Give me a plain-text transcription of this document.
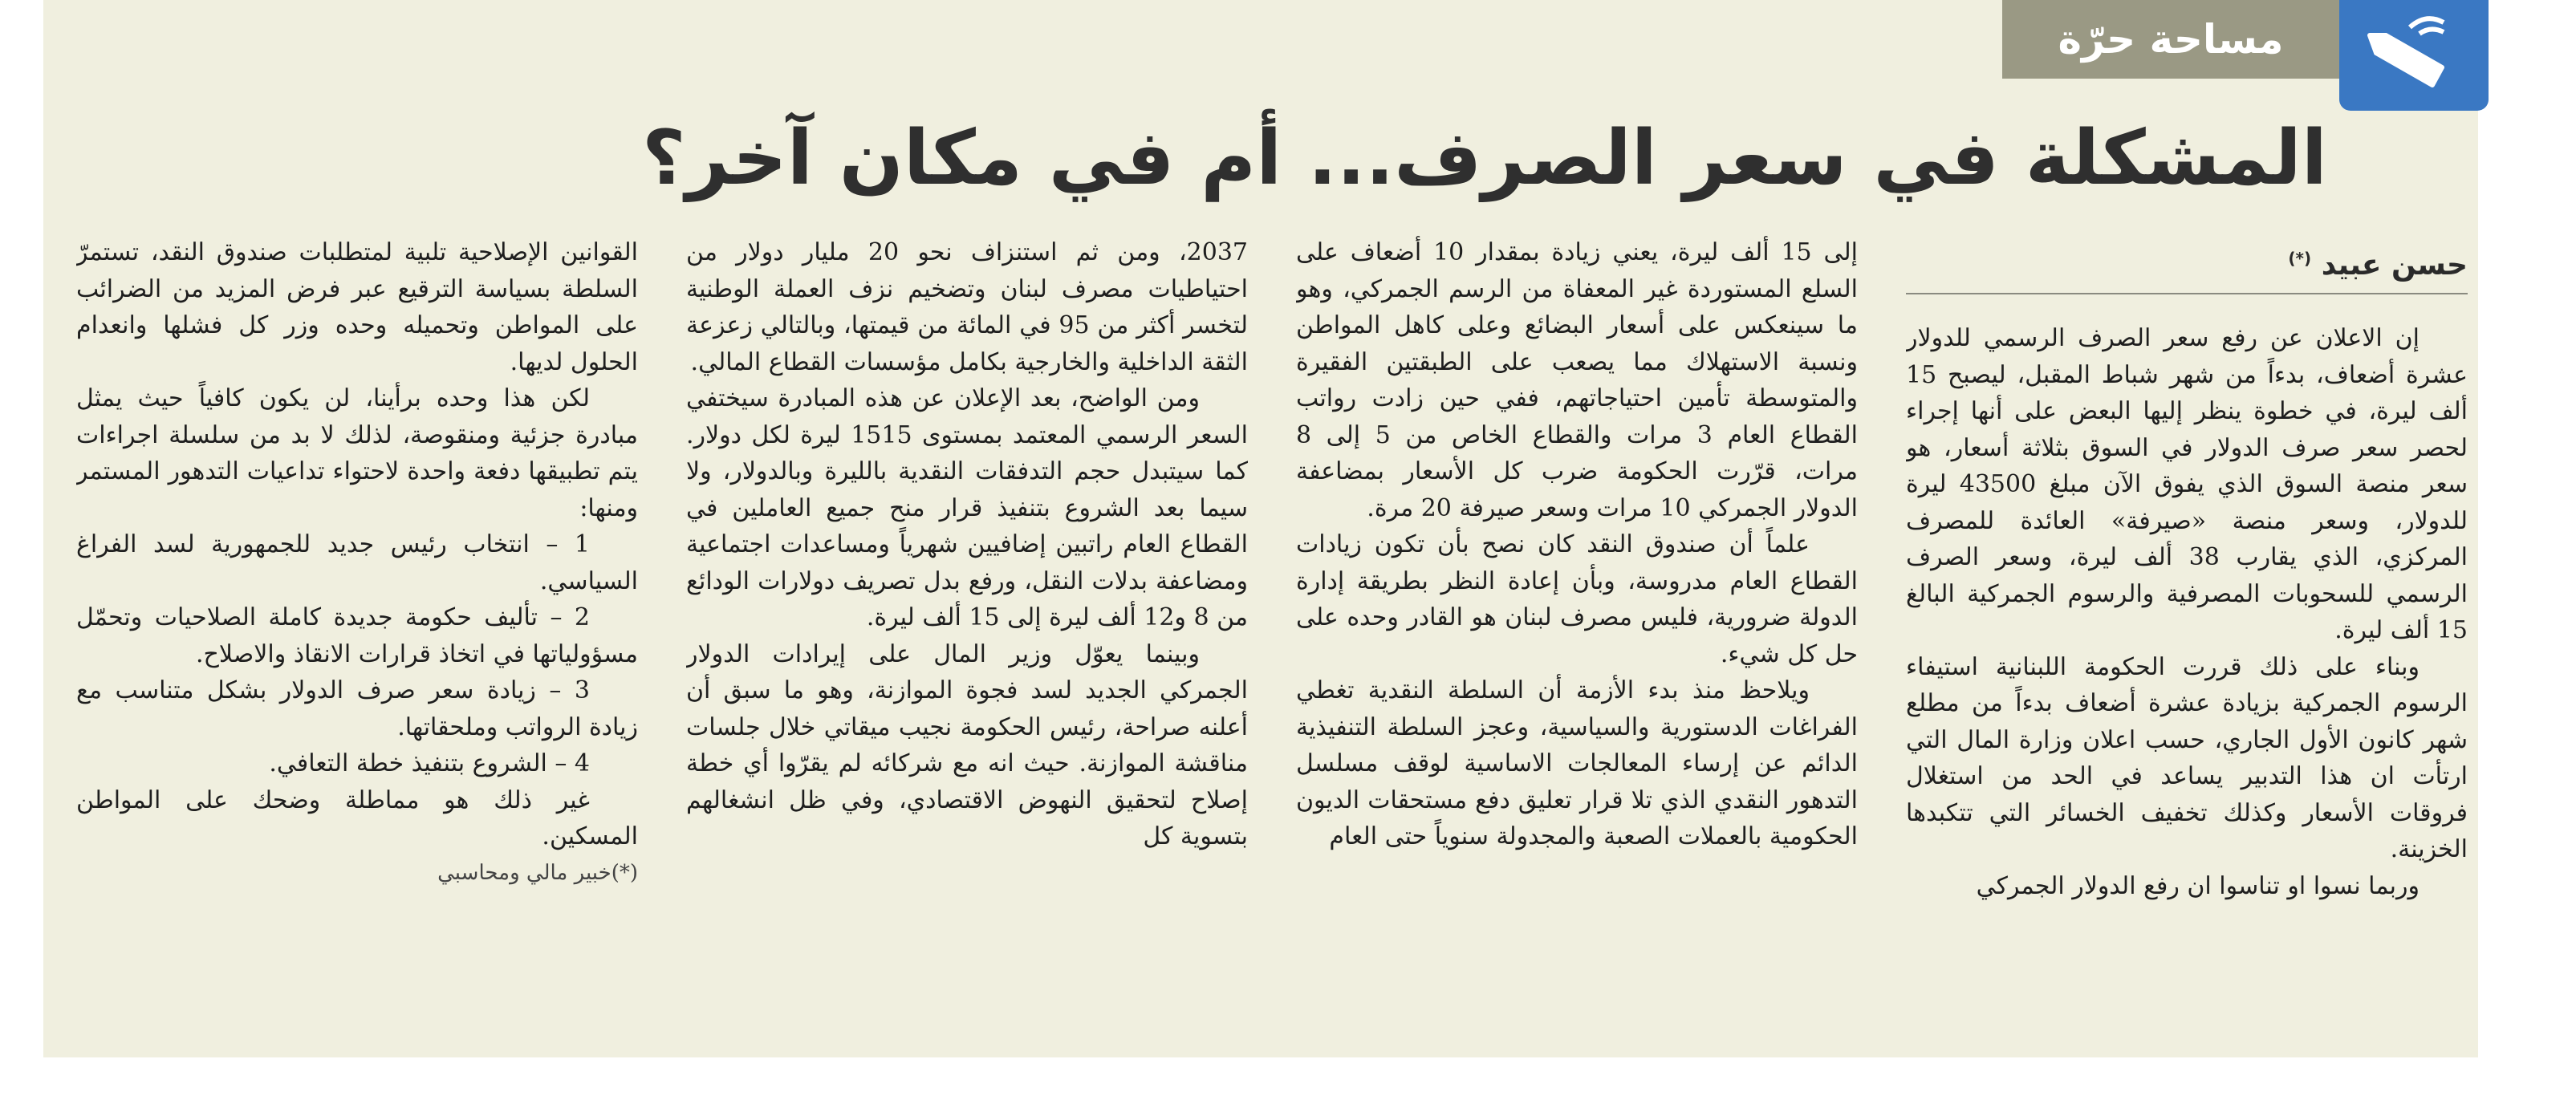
مساحة حرّة
المشكلة في سعر الصرف... أم في مكان آخر؟
حسن عبيد (*)

إن الاعلان عن رفع سعر الصرف الرسمي للدولار عشرة أضعاف، بدءاً من شهر شباط المقبل، ليصبح 15 ألف ليرة، في خطوة ينظر إليها البعض على أنها إجراء لحصر سعر صرف الدولار في السوق بثلاثة أسعار، هو سعر منصة السوق الذي يفوق الآن مبلغ 43500 ليرة للدولار، وسعر منصة «صيرفة» العائدة للمصرف المركزي، الذي يقارب 38 ألف ليرة، وسعر الصرف الرسمي للسحوبات المصرفية والرسوم الجمركية البالغ 15 ألف ليرة.

وبناء على ذلك قررت الحكومة اللبنانية استيفاء الرسوم الجمركية بزيادة عشرة أضعاف بدءاً من مطلع شهر كانون الأول الجاري، حسب اعلان وزارة المال التي ارتأت ان هذا التدبير يساعد في الحد من استغلال فروقات الأسعار وكذلك تخفيف الخسائر التي تتكبدها الخزينة.

وربما نسوا او تناسوا ان رفع الدولار الجمركي

إلى 15 ألف ليرة، يعني زيادة بمقدار 10 أضعاف على السلع المستوردة غير المعفاة من الرسم الجمركي، وهو ما سينعكس على أسعار البضائع وعلى كاهل المواطن ونسبة الاستهلاك مما يصعب على الطبقتين الفقيرة والمتوسطة تأمين احتياجاتهم، ففي حين زادت رواتب القطاع العام 3 مرات والقطاع الخاص من 5 إلى 8 مرات، قرّرت الحكومة ضرب كل الأسعار بمضاعفة الدولار الجمركي 10 مرات وسعر صيرفة 20 مرة.

علماً أن صندوق النقد كان نصح بأن تكون زيادات القطاع العام مدروسة، وبأن إعادة النظر بطريقة إدارة الدولة ضرورية، فليس مصرف لبنان هو القادر وحده على حل كل شيء.

ويلاحظ منذ بدء الأزمة أن السلطة النقدية تغطي الفراغات الدستورية والسياسية، وعجز السلطة التنفيذية الدائم عن إرساء المعالجات الاساسية لوقف مسلسل التدهور النقدي الذي تلا قرار تعليق دفع مستحقات الديون الحكومية بالعملات الصعبة والمجدولة سنوياً حتى العام

2037، ومن ثم استنزاف نحو 20 مليار دولار من احتياطيات مصرف لبنان وتضخيم نزف العملة الوطنية لتخسر أكثر من 95 في المائة من قيمتها، وبالتالي زعزعة الثقة الداخلية والخارجية بكامل مؤسسات القطاع المالي.

ومن الواضح، بعد الإعلان عن هذه المبادرة سيختفي السعر الرسمي المعتمد بمستوى 1515 ليرة لكل دولار. كما سيتبدل حجم التدفقات النقدية بالليرة وبالدولار، ولا سيما بعد الشروع بتنفيذ قرار منح جميع العاملين في القطاع العام راتبين إضافيين شهرياً ومساعدات اجتماعية ومضاعفة بدلات النقل، ورفع بدل تصريف دولارات الودائع من 8 و12 ألف ليرة إلى 15 ألف ليرة.

وبينما يعوّل وزير المال على إيرادات الدولار الجمركي الجديد لسد فجوة الموازنة، وهو ما سبق أن أعلنه صراحة، رئيس الحكومة نجيب ميقاتي خلال جلسات مناقشة الموازنة. حيث انه مع شركائه لم يقرّوا أي خطة إصلاح لتحقيق النهوض الاقتصادي، وفي ظل انشغالهم بتسوية كل

القوانين الإصلاحية تلبية لمتطلبات صندوق النقد، تستمرّ السلطة بسياسة الترقيع عبر فرض المزيد من الضرائب على المواطن وتحميله وحده وزر كل فشلها وانعدام الحلول لديها.

لكن هذا وحده برأينا، لن يكون كافياً حيث يمثل مبادرة جزئية ومنقوصة، لذلك لا بد من سلسلة اجراءات يتم تطبيقها دفعة واحدة لاحتواء تداعيات التدهور المستمر ومنها:

1 – انتخاب رئيس جديد للجمهورية لسد الفراغ السياسي.

2 – تأليف حكومة جديدة كاملة الصلاحيات وتحمّل مسؤولياتها في اتخاذ قرارات الانقاذ والاصلاح.

3 – زيادة سعر صرف الدولار بشكل متناسب مع زيادة الرواتب وملحقاتها.

4 – الشروع بتنفيذ خطة التعافي.

غير ذلك هو مماطلة وضحك على المواطن المسكين.

(*)خبير مالي ومحاسبي
